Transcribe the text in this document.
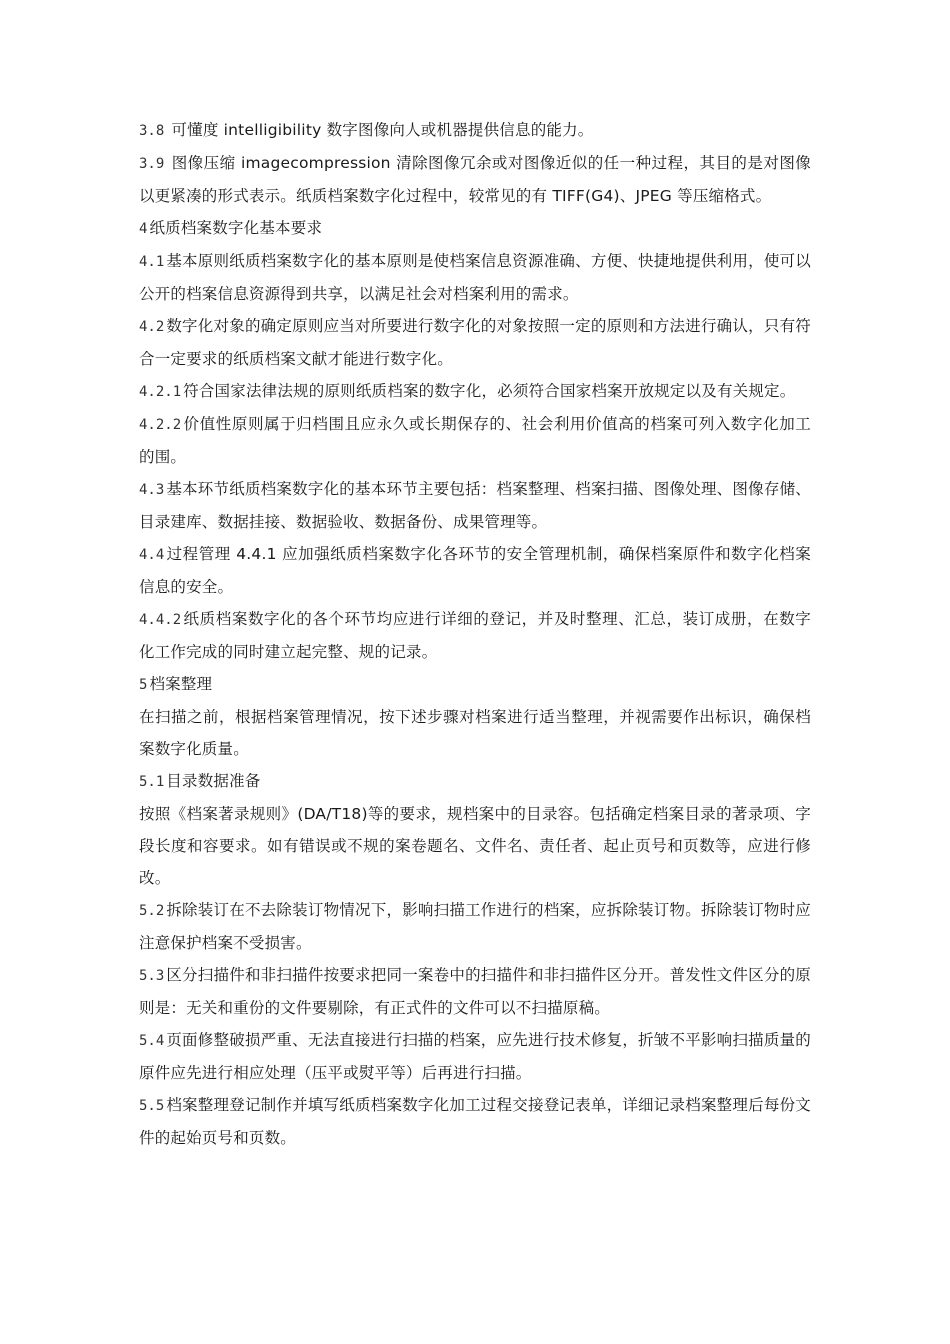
3.8 可懂度 intelligibility 数字图像向人或机器提供信息的能力。

3.9 图像压缩 imagecompression 清除图像冗余或对图像近似的任一种过程，其目的是对图像以更紧凑的形式表示。纸质档案数字化过程中，较常见的有 TIFF(G4)、JPEG 等压缩格式。

4 纸质档案数字化基本要求

4.1 基本原则纸质档案数字化的基本原则是使档案信息资源准确、方便、快捷地提供利用，使可以公开的档案信息资源得到共享，以满足社会对档案利用的需求。

4.2 数字化对象的确定原则应当对所要进行数字化的对象按照一定的原则和方法进行确认，只有符合一定要求的纸质档案文献才能进行数字化。

4.2.1 符合国家法律法规的原则纸质档案的数字化，必须符合国家档案开放规定以及有关规定。

4.2.2 价值性原则属于归档围且应永久或长期保存的、社会利用价值高的档案可列入数字化加工的围。

4.3 基本环节纸质档案数字化的基本环节主要包括：档案整理、档案扫描、图像处理、图像存储、目录建库、数据挂接、数据验收、数据备份、成果管理等。

4.4 过程管理 4.4.1 应加强纸质档案数字化各环节的安全管理机制，确保档案原件和数字化档案信息的安全。

4.4.2 纸质档案数字化的各个环节均应进行详细的登记，并及时整理、汇总，装订成册，在数字化工作完成的同时建立起完整、规的记录。

5 档案整理

在扫描之前，根据档案管理情况，按下述步骤对档案进行适当整理，并视需要作出标识，确保档案数字化质量。

5.1 目录数据准备

按照《档案著录规则》(DA/T18)等的要求，规档案中的目录容。包括确定档案目录的著录项、字段长度和容要求。如有错误或不规的案卷题名、文件名、责任者、起止页号和页数等，应进行修改。

5.2 拆除装订在不去除装订物情况下，影响扫描工作进行的档案，应拆除装订物。拆除装订物时应注意保护档案不受损害。

5.3 区分扫描件和非扫描件按要求把同一案卷中的扫描件和非扫描件区分开。普发性文件区分的原则是：无关和重份的文件要剔除，有正式件的文件可以不扫描原稿。

5.4 页面修整破损严重、无法直接进行扫描的档案，应先进行技术修复，折皱不平影响扫描质量的原件应先进行相应处理（压平或熨平等）后再进行扫描。

5.5 档案整理登记制作并填写纸质档案数字化加工过程交接登记表单，详细记录档案整理后每份文件的起始页号和页数。
